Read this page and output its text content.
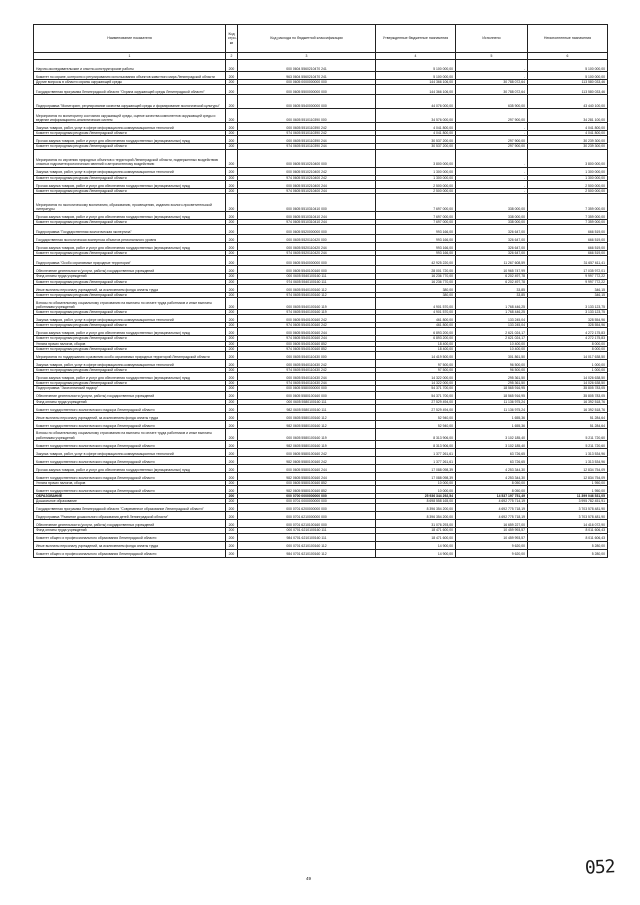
Наименование показателя	Код стро-ки	Код расхода по бюджетной классификации	Утвержденные бюджетные назначения	Исполнено	Неисполненные назначения
1	2	3	4	5	6
Научно-исследовательские и опытно-конструкторские работы	200	000 0604 5560210470 241	5 100 000,00	-	5 100 000,00
Комитет по охране, контролю и регулированию использования объектов животного мира Ленинградской области	200	963 0604 5560210470 241	5 100 000,00	-	5 100 000,00
Другие вопросы в области охраны окружающей среды	200	000 0605 0000000000 000	144 366 106,00	30 788 072,64	113 580 033,46
Государственная программа Ленинградской области "Охрана окружающей среды Ленинградской области"	200	000 0605 5500000000 000	144 366 106,00	30 788 072,64	113 580 033,46
Подпрограмма "Мониторинг, регулирование качества окружающей среды и формирование экологической культуры"	200	000 0605 5540000000 000	44 076 000,00	635 900,00	43 440 100,00
Мероприятия по мониторингу состояния окружающей среды, оценке качества компонентов окружающей среды и ведение информационно-аналитических систем	200	000 0605 5510110390 000	34 576 000,00	297 900,00	34 281 100,00
Закупка товаров, работ, услуг в сфере информационно-коммуникационных технологий	200	000 0605 5510110390 242	4 041 800,00	-	4 041 800,00
Комитет по природным ресурсам Ленинградской области	200	974 0605 5510110390 242	4 041 800,00	-	4 041 800,00
Прочая закупка товаров, работ и услуг для обеспечения государственных (муниципальных) нужд	200	000 0605 5510110390 244	30 537 200,00	297 900,00	30 239 300,00
Комитет по природным ресурсам Ленинградской области	200	974 0605 5510110390 244	30 537 200,00	297 900,00	30 239 300,00
Мероприятия по изучению природных объектов и территорий Ленинградской области, подверженных воздействию опасных гидрометеорологических явлений и антропогенному воздействию	200	000 0605 5510210400 000	3 800 000,00	-	3 800 000,00
Закупка товаров, работ, услуг в сфере информационно-коммуникационных технологий	200	000 0605 5510210400 242	1 300 000,00	-	1 300 000,00
Комитет по природным ресурсам Ленинградской области	200	974 0605 5510210400 242	1 300 000,00	-	1 300 000,00
Прочая закупка товаров, работ и услуг для обеспечения государственных (муниципальных) нужд	200	000 0605 5510210400 244	2 500 000,00	-	2 500 000,00
Комитет по природным ресурсам Ленинградской области	200	974 0605 5510210400 244	2 500 000,00	-	2 500 000,00
Мероприятия по экологическому воспитанию, образованию, просвещению, изданию эколого-просветительской литературы	200	000 0605 5510310410 000	7 697 000,00	338 000,00	7 359 000,00
Прочая закупка товаров, работ и услуг для обеспечения государственных (муниципальных) нужд	200	000 0605 5510310410 244	7 697 000,00	338 000,00	7 359 000,00
Комитет по природным ресурсам Ленинградской области	200	974 0605 5510310410 244	7 697 000,00	338 000,00	7 359 000,00
Подпрограмма "Государственная экологическая экспертиза"	200	000 0605 5520000000 000	993 166,00	326 647,00	666 519,00
Государственная экологическая экспертиза объектов регионального уровня	200	000 0605 5520110420 000	993 166,00	326 647,00	666 519,00
Прочая закупка товаров, работ и услуг для обеспечения государственных (муниципальных) нужд	200	000 0605 5520110420 244	993 166,00	326 647,00	666 519,00
Комитет по природным ресурсам Ленинградской области	200	974 0605 5520110420 244	993 166,00	326 647,00	666 519,00
Подпрограмма "Особо охраняемые природные территории"	200	000 0605 5540000000 000	42 925 220,00	11 267 608,59	31 657 611,41
Обеспечение деятельности (услуги, работы) государственных учреждений	200	000 0605 5540100160 000	28 001 720,00	10 965 747,99	17 035 972,01
Фонд оплаты труда учреждений	200	000 0605 5540100160 111	16 236 770,00	6 202 497,78	9 997 772,22
Комитет по природным ресурсам Ленинградской области	200	974 0605 5540100160 111	16 236 770,00	6 202 497,78	9 997 772,22
Иные выплаты персоналу учреждений, за исключением фонда оплаты труда	200	000 0605 5540100160 112	380,00	33,85	346,15
Комитет по природным ресурсам Ленинградской области	200	974 0605 5540100160 112	380,00	33,85	346,15
Взносы по обязательному социальному страхованию на выплаты по оплате труда работников и иные выплаты работникам учреждений	200	000 0605 5540100160 119	4 901 570,00	1 768 446,25	3 133 123,75
Комитет по природным ресурсам Ленинградской области	200	974 0605 5540100160 119	4 901 570,00	1 768 446,25	3 133 123,75
Закупка товаров, работ, услуг в сфере информационно-коммуникационных технологий	200	000 0605 5540100160 242	461 800,00	133 245,04	328 554,96
Комитет по природным ресурсам Ленинградской области	200	974 0605 5540100160 242	461 800,00	133 245,04	328 554,96
Прочая закупка товаров, работ и услуг для обеспечения государственных (муниципальных) нужд	200	000 0605 5540100160 244	6 893 200,00	2 621 024,17	4 272 175,83
Комитет по природным ресурсам Ленинградской области	200	974 0605 5540100160 244	6 893 200,00	2 621 024,17	4 272 175,83
Уплата прочих налогов, сборов	200	000 0605 5540100160 852	18 400,00	10 400,00	8 000,00
Комитет по природным ресурсам Ленинградской области	200	974 0605 5540100160 852	18 400,00	10 400,00	8 000,00
Мероприятия по поддержанию и развитию особо охраняемых природных территорий Ленинградской области	200	000 0605 5540110430 000	14 419 500,00	301 861,50	14 017 638,50
Закупка товаров, работ, услуг в сфере информационно-коммуникационных технологий	200	000 0605 5540110430 242	97 500,00	96 500,00	1 000,00
Комитет по природным ресурсам Ленинградской области	200	974 0605 5540110430 242	97 500,00	96 500,00	1 000,00
Прочая закупка товаров, работ и услуг для обеспечения государственных (муниципальных) нужд	200	000 0605 5540110430 244	14 322 000,00	295 361,50	14 026 638,50
Комитет по природным ресурсам Ленинградской области	200	974 0605 5540110430 244	14 322 000,00	295 361,50	14 026 638,50
Подпрограмма "Экологический надзор"	200	000 0605 5580000000 000	54 371 700,00	18 565 916,95	35 805 783,05
Обеспечение деятельности (услуги, работы) государственных учреждений	200	000 0605 5580100160 000	54 371 700,00	18 565 916,95	35 805 783,05
Фонд оплаты труда учреждений	200	000 0605 5580100160 111	27 529 494,00	11 136 975,24	16 392 518,76
Комитет государственного экологического надзора Ленинградской области	200	982 0605 5580100160 111	27 529 494,00	11 136 975,24	16 392 518,76
Иные выплаты персоналу учреждений, за исключением фонда оплаты труда	200	000 0605 5580100160 112	52 940,00	1 655,36	51 284,64
Комитет государственного экологического надзора Ленинградской области	200	982 0605 5580100160 112	52 940,00	1 655,36	51 284,64
Взносы по обязательному социальному страхованию на выплаты по оплате труда работников и иные выплаты работникам учреждений	200	000 0605 5580100160 119	8 313 906,00	3 102 185,40	5 211 720,60
Комитет государственного экологического надзора Ленинградской области	200	982 0605 5580100160 119	8 313 906,00	3 102 185,40	5 211 720,60
Закупка товаров, работ, услуг в сфере информационно-коммуникационных технологий	200	000 0605 5580100160 242	1 377 261,61	63 726,65	1 313 534,96
Комитет государственного экологического надзора Ленинградской области	200	982 0605 5580100160 242	1 377 261,61	63 726,65	1 313 534,96
Прочая закупка товаров, работ и услуг для обеспечения государственных (муниципальных) нужд	200	000 0605 5580100160 244	17 088 098,39	4 253 344,30	12 834 754,09
Комитет государственного экологического надзора Ленинградской области	200	982 0605 5580100160 244	17 088 098,39	4 253 344,30	12 834 754,09
Уплата прочих налогов, сборов	200	000 0605 5580100160 852	10 000,00	8 050,00	1 950,00
Комитет государственного экологического надзора Ленинградской области	200	982 0605 5580100160 852	10 000,00	8 050,00	1 950,00
ОБРАЗОВАНИЕ	200	000 0700 0000000000 000	25 936 344 292,54	14 537 197 751,49	11 399 046 531,05
Дошкольное образование	200	000 0701 0000000000 000	8 698 558 165,00	4 692 775 714,19	3 995 782 451,91
Государственная программа Ленинградской области "Современное образование Ленинградской области"	200	000 0701 6200000000 000	8 396 354 200,00	4 692 775 718,19	3 703 578 481,90
Подпрограмма "Развитие дошкольного образования детей Ленинградской области"	200	000 0701 6210000000 000	8 396 354 200,00	4 692 775 718,19	3 703 578 481,90
Обеспечение деятельности (услуги, работы) государственных учреждений	200	000 0701 6210100160 000	31 076 293,00	16 659 227,00	14 416 072,90
Фонд оплаты труда учреждений	200	000 0701 6210100160 111	18 471 600,00	10 459 993,57	8 011 606,43
Комитет общего и профессионального образования Ленинградской области	200	984 0701 6210100160 111	18 471 600,00	10 459 993,57	8 011 606,43
Иные выплаты персоналу учреждений, за исключением фонда оплаты труда	200	000 0701 6210100160 112	14 900,00	9 620,00	5 280,00
Комитет общего и профессионального образования Ленинградской области	200	984 0701 6210100160 112	14 900,00	9 620,00	5 280,00
49	052
